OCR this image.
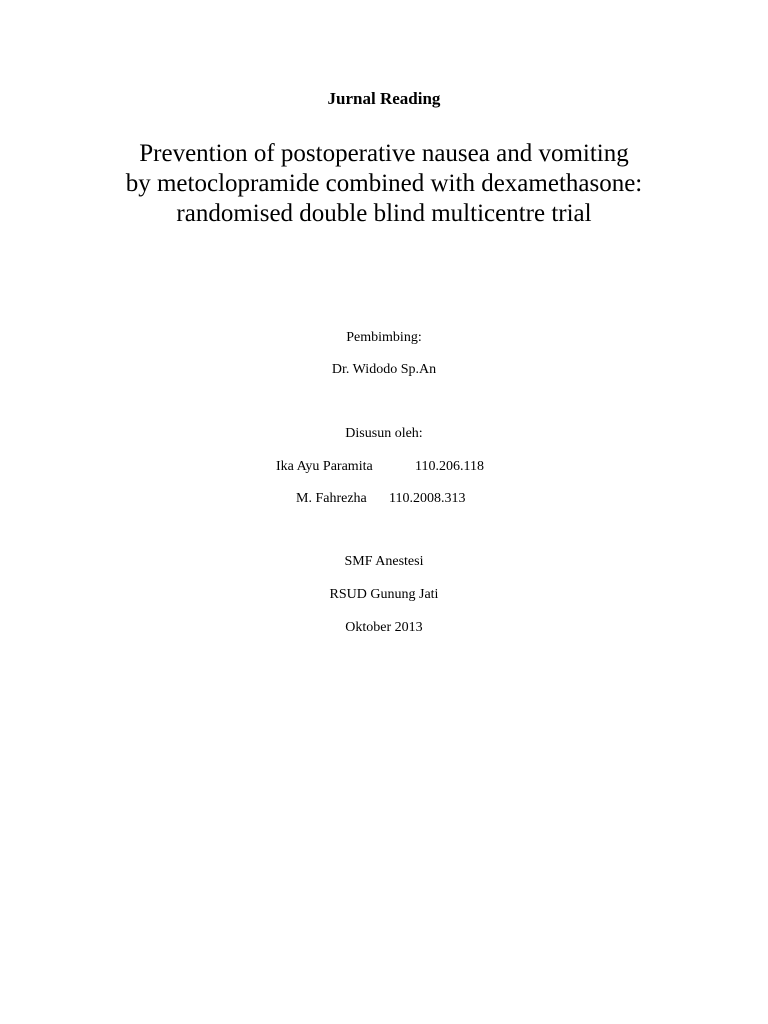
Jurnal Reading
Prevention of postoperative nausea and vomiting
by metoclopramide combined with dexamethasone:
randomised double blind multicentre trial
Pembimbing:
Dr. Widodo Sp.An
Disusun oleh:
Ika Ayu Paramita	110.206.118
M. Fahrezha 110.2008.313
SMF Anestesi
RSUD Gunung Jati
Oktober 2013
